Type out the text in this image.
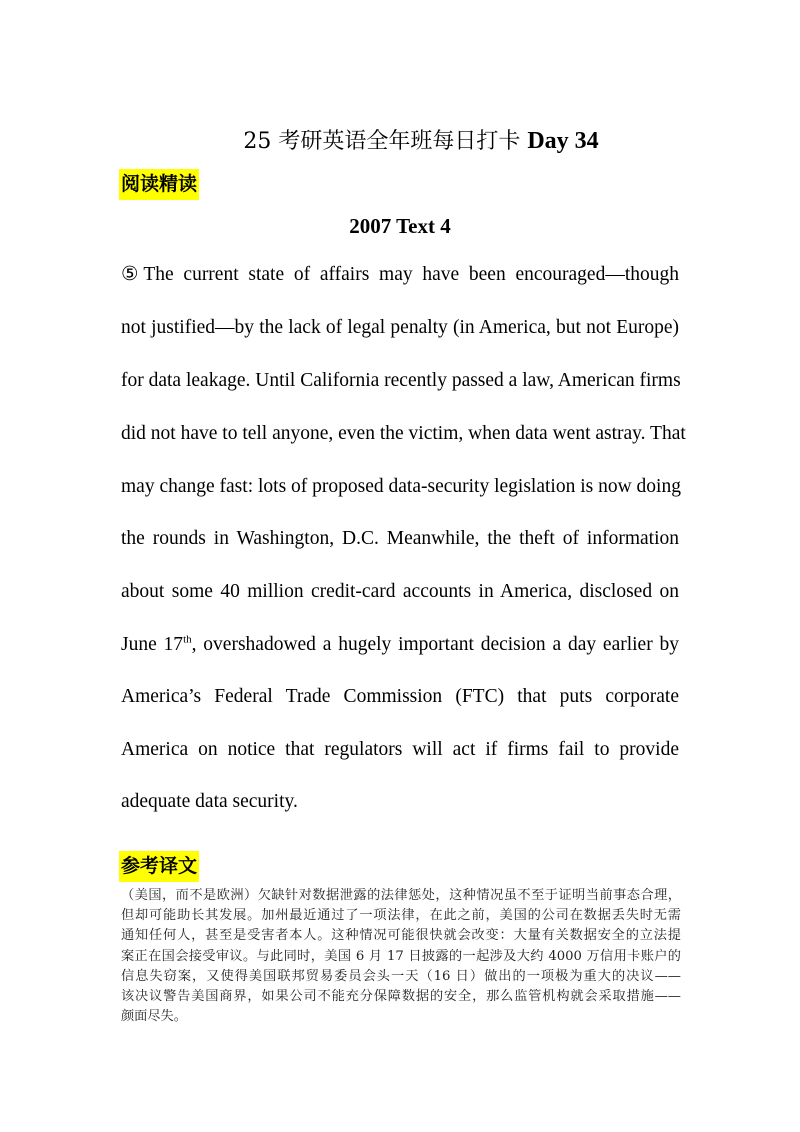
25 考研英语全年班每日打卡 Day 34
阅读精读
2007 Text 4
⑤The current state of affairs may have been encouraged—though
not justified—by the lack of legal penalty (in America, but not Europe)
for data leakage. Until California recently passed a law, American firms
did not have to tell anyone, even the victim, when data went astray. That
may change fast: lots of proposed data-security legislation is now doing
the rounds in Washington, D.C. Meanwhile, the theft of information
about some 40 million credit-card accounts in America, disclosed on
June 17th, overshadowed a hugely important decision a day earlier by
America’s Federal Trade Commission (FTC) that puts corporate
America on notice that regulators will act if firms fail to provide
adequate data security.
参考译文
（美国，而不是欧洲）欠缺针对数据泄露的法律惩处，这种情况虽不至于证明当前事态合理，
但却可能助长其发展。加州最近通过了一项法律，在此之前，美国的公司在数据丢失时无需
通知任何人，甚至是受害者本人。这种情况可能很快就会改变：大量有关数据安全的立法提
案正在国会接受审议。与此同时，美国 6 月 17 日披露的一起涉及大约 4000 万信用卡账户的
信息失窃案，又使得美国联邦贸易委员会头一天（16 日）做出的一项极为重大的决议——
该决议警告美国商界，如果公司不能充分保障数据的安全，那么监管机构就会采取措施——
颜面尽失。
